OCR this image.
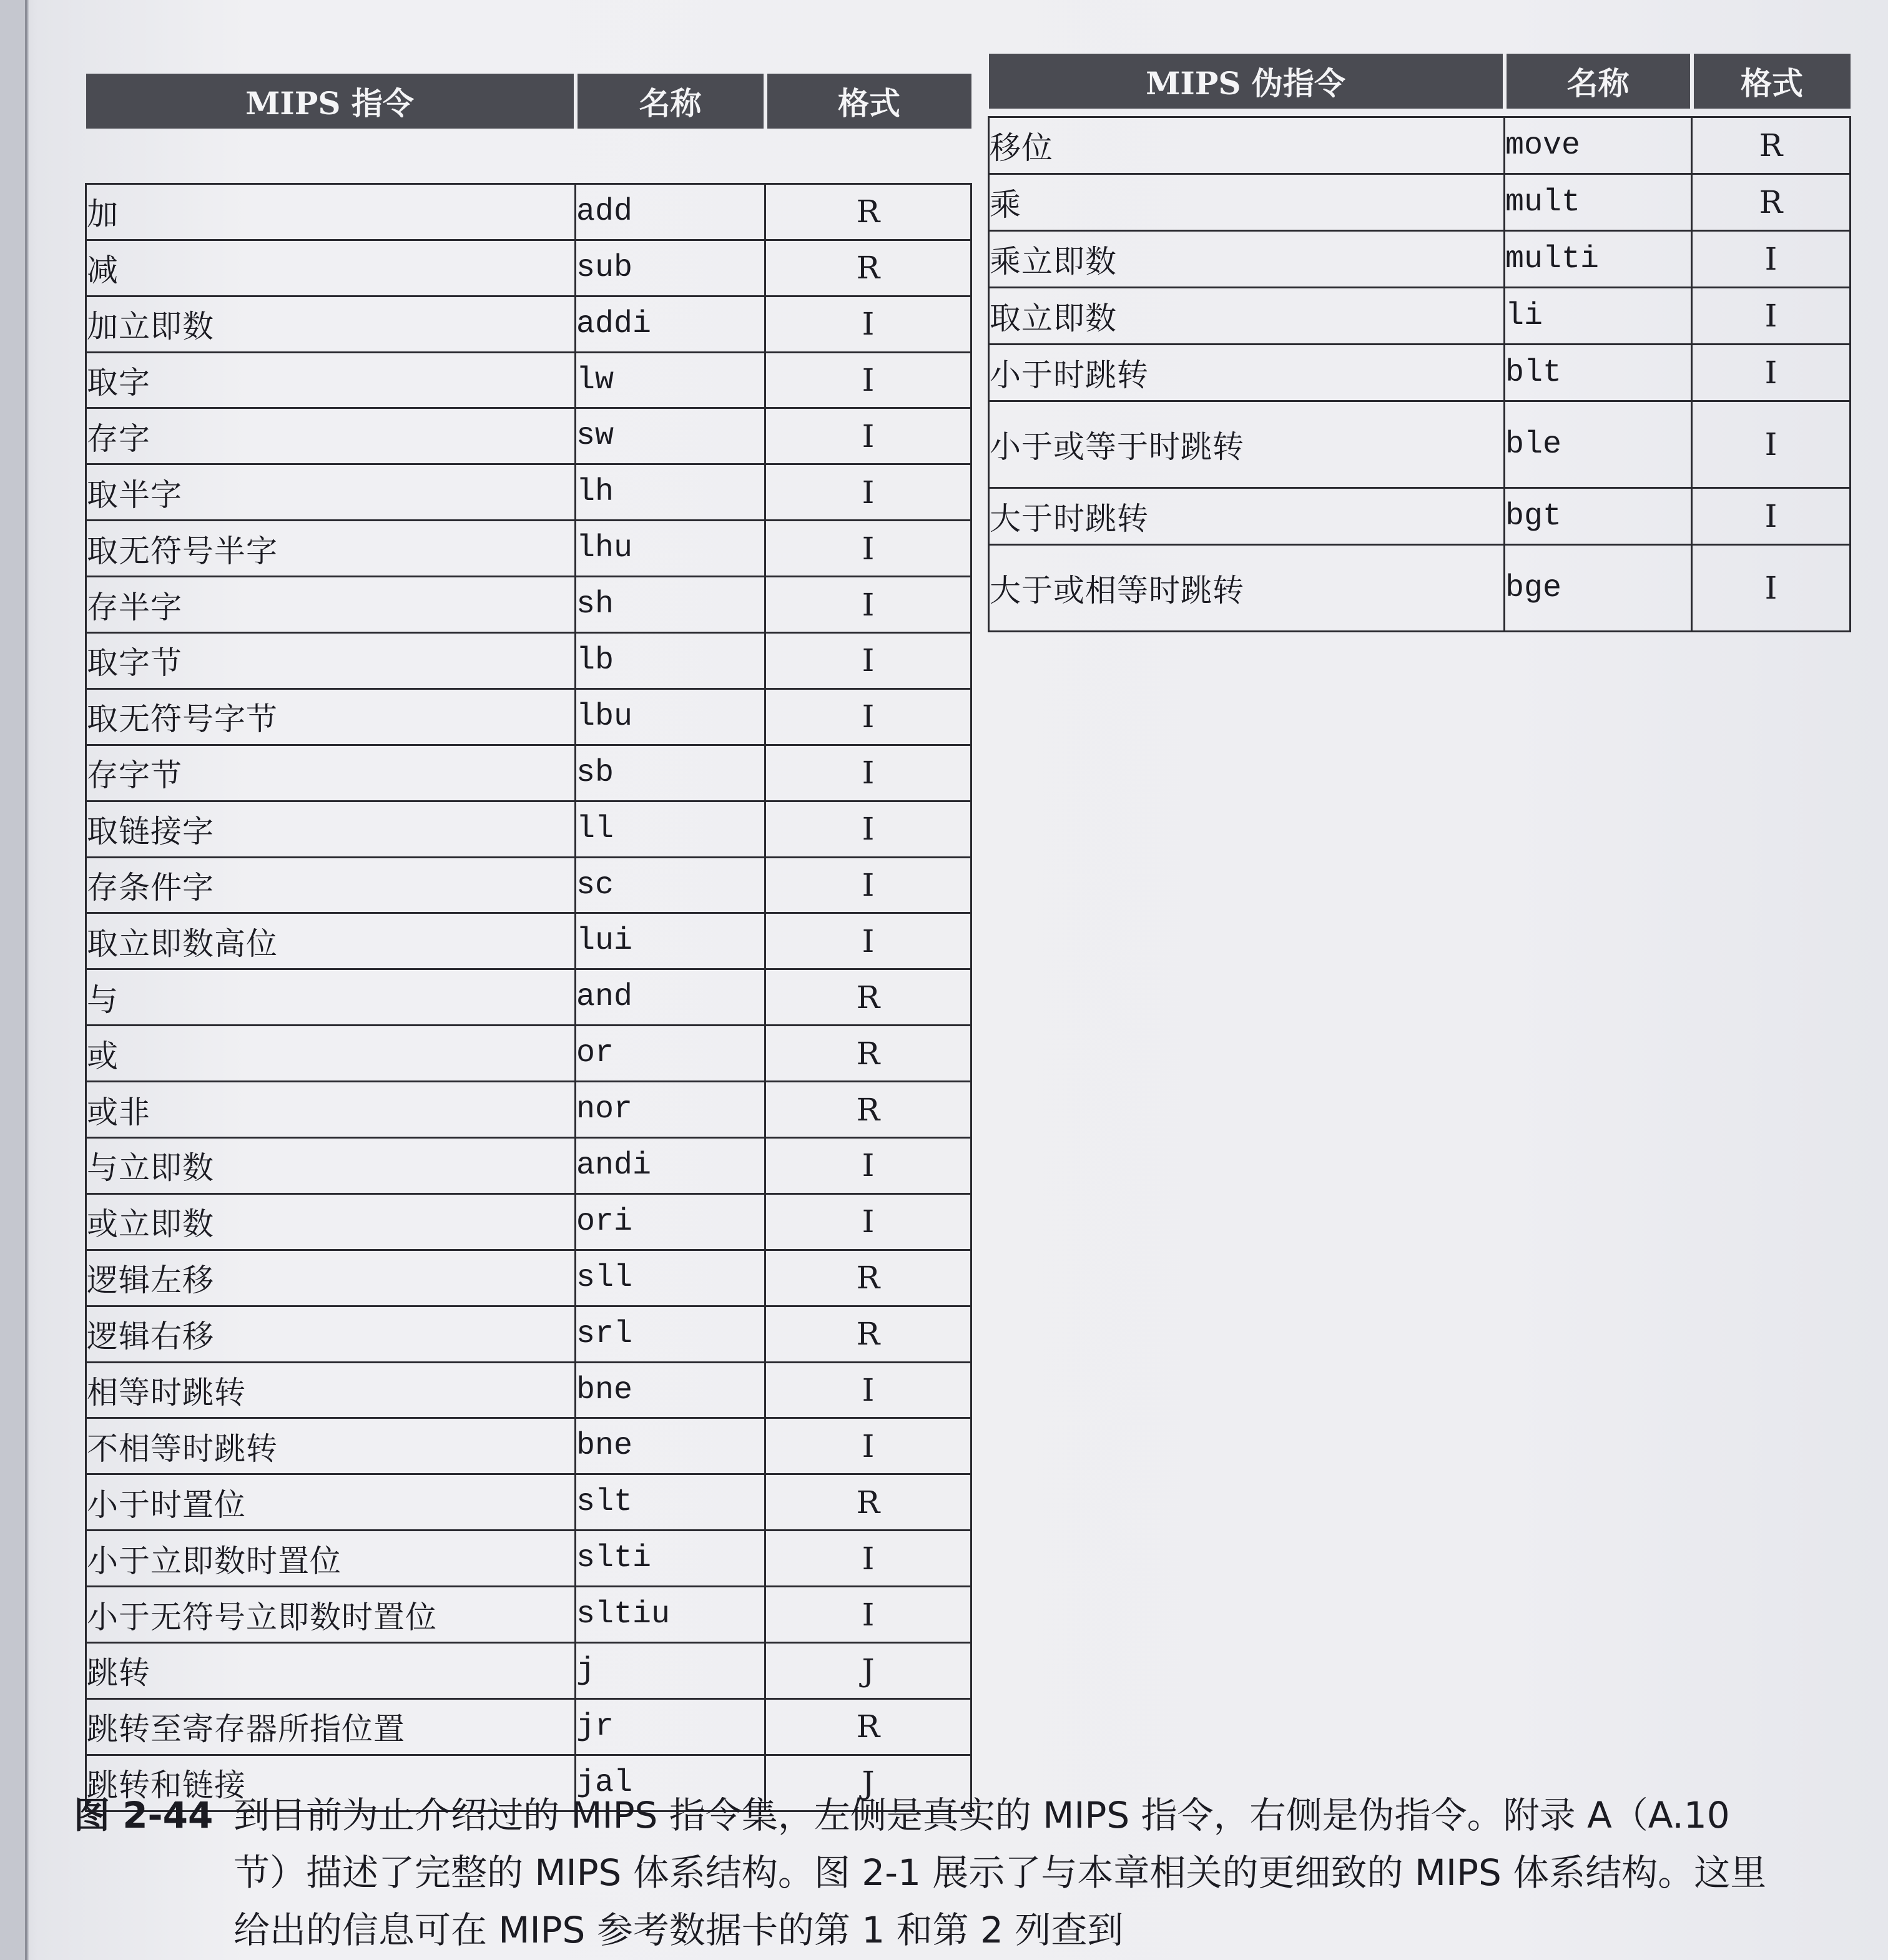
MIPS 指令	名称	格式

加	add	R
减	sub	R
加立即数	addi	I
取字	lw	I
存字	sw	I
取半字	lh	I
取无符号半字	lhu	I
存半字	sh	I
取字节	lb	I
取无符号字节	lbu	I
存字节	sb	I
取链接字	ll	I
存条件字	sc	I
取立即数高位	lui	I
与	and	R
或	or	R
或非	nor	R
与立即数	andi	I
或立即数	ori	I
逻辑左移	sll	R
逻辑右移	srl	R
相等时跳转	bne	I
不相等时跳转	bne	I
小于时置位	slt	R
小于立即数时置位	slti	I
小于无符号立即数时置位	sltiu	I
跳转	j	J
跳转至寄存器所指位置	jr	R
跳转和链接	jal	J
MIPS 伪指令	名称	格式

移位	move	R
乘	mult	R
乘立即数	multi	I
取立即数	li	I
小于时跳转	blt	I
小于或等于时跳转	ble	I
大于时跳转	bgt	I
大于或相等时跳转	bge	I
图 2-44 到目前为止介绍过的 MIPS 指令集，左侧是真实的 MIPS 指令，右侧是伪指令。附录 A（A.10
节）描述了完整的 MIPS 体系结构。图 2-1 展示了与本章相关的更细致的 MIPS 体系结构。这里
给出的信息可在 MIPS 参考数据卡的第 1 和第 2 列查到
